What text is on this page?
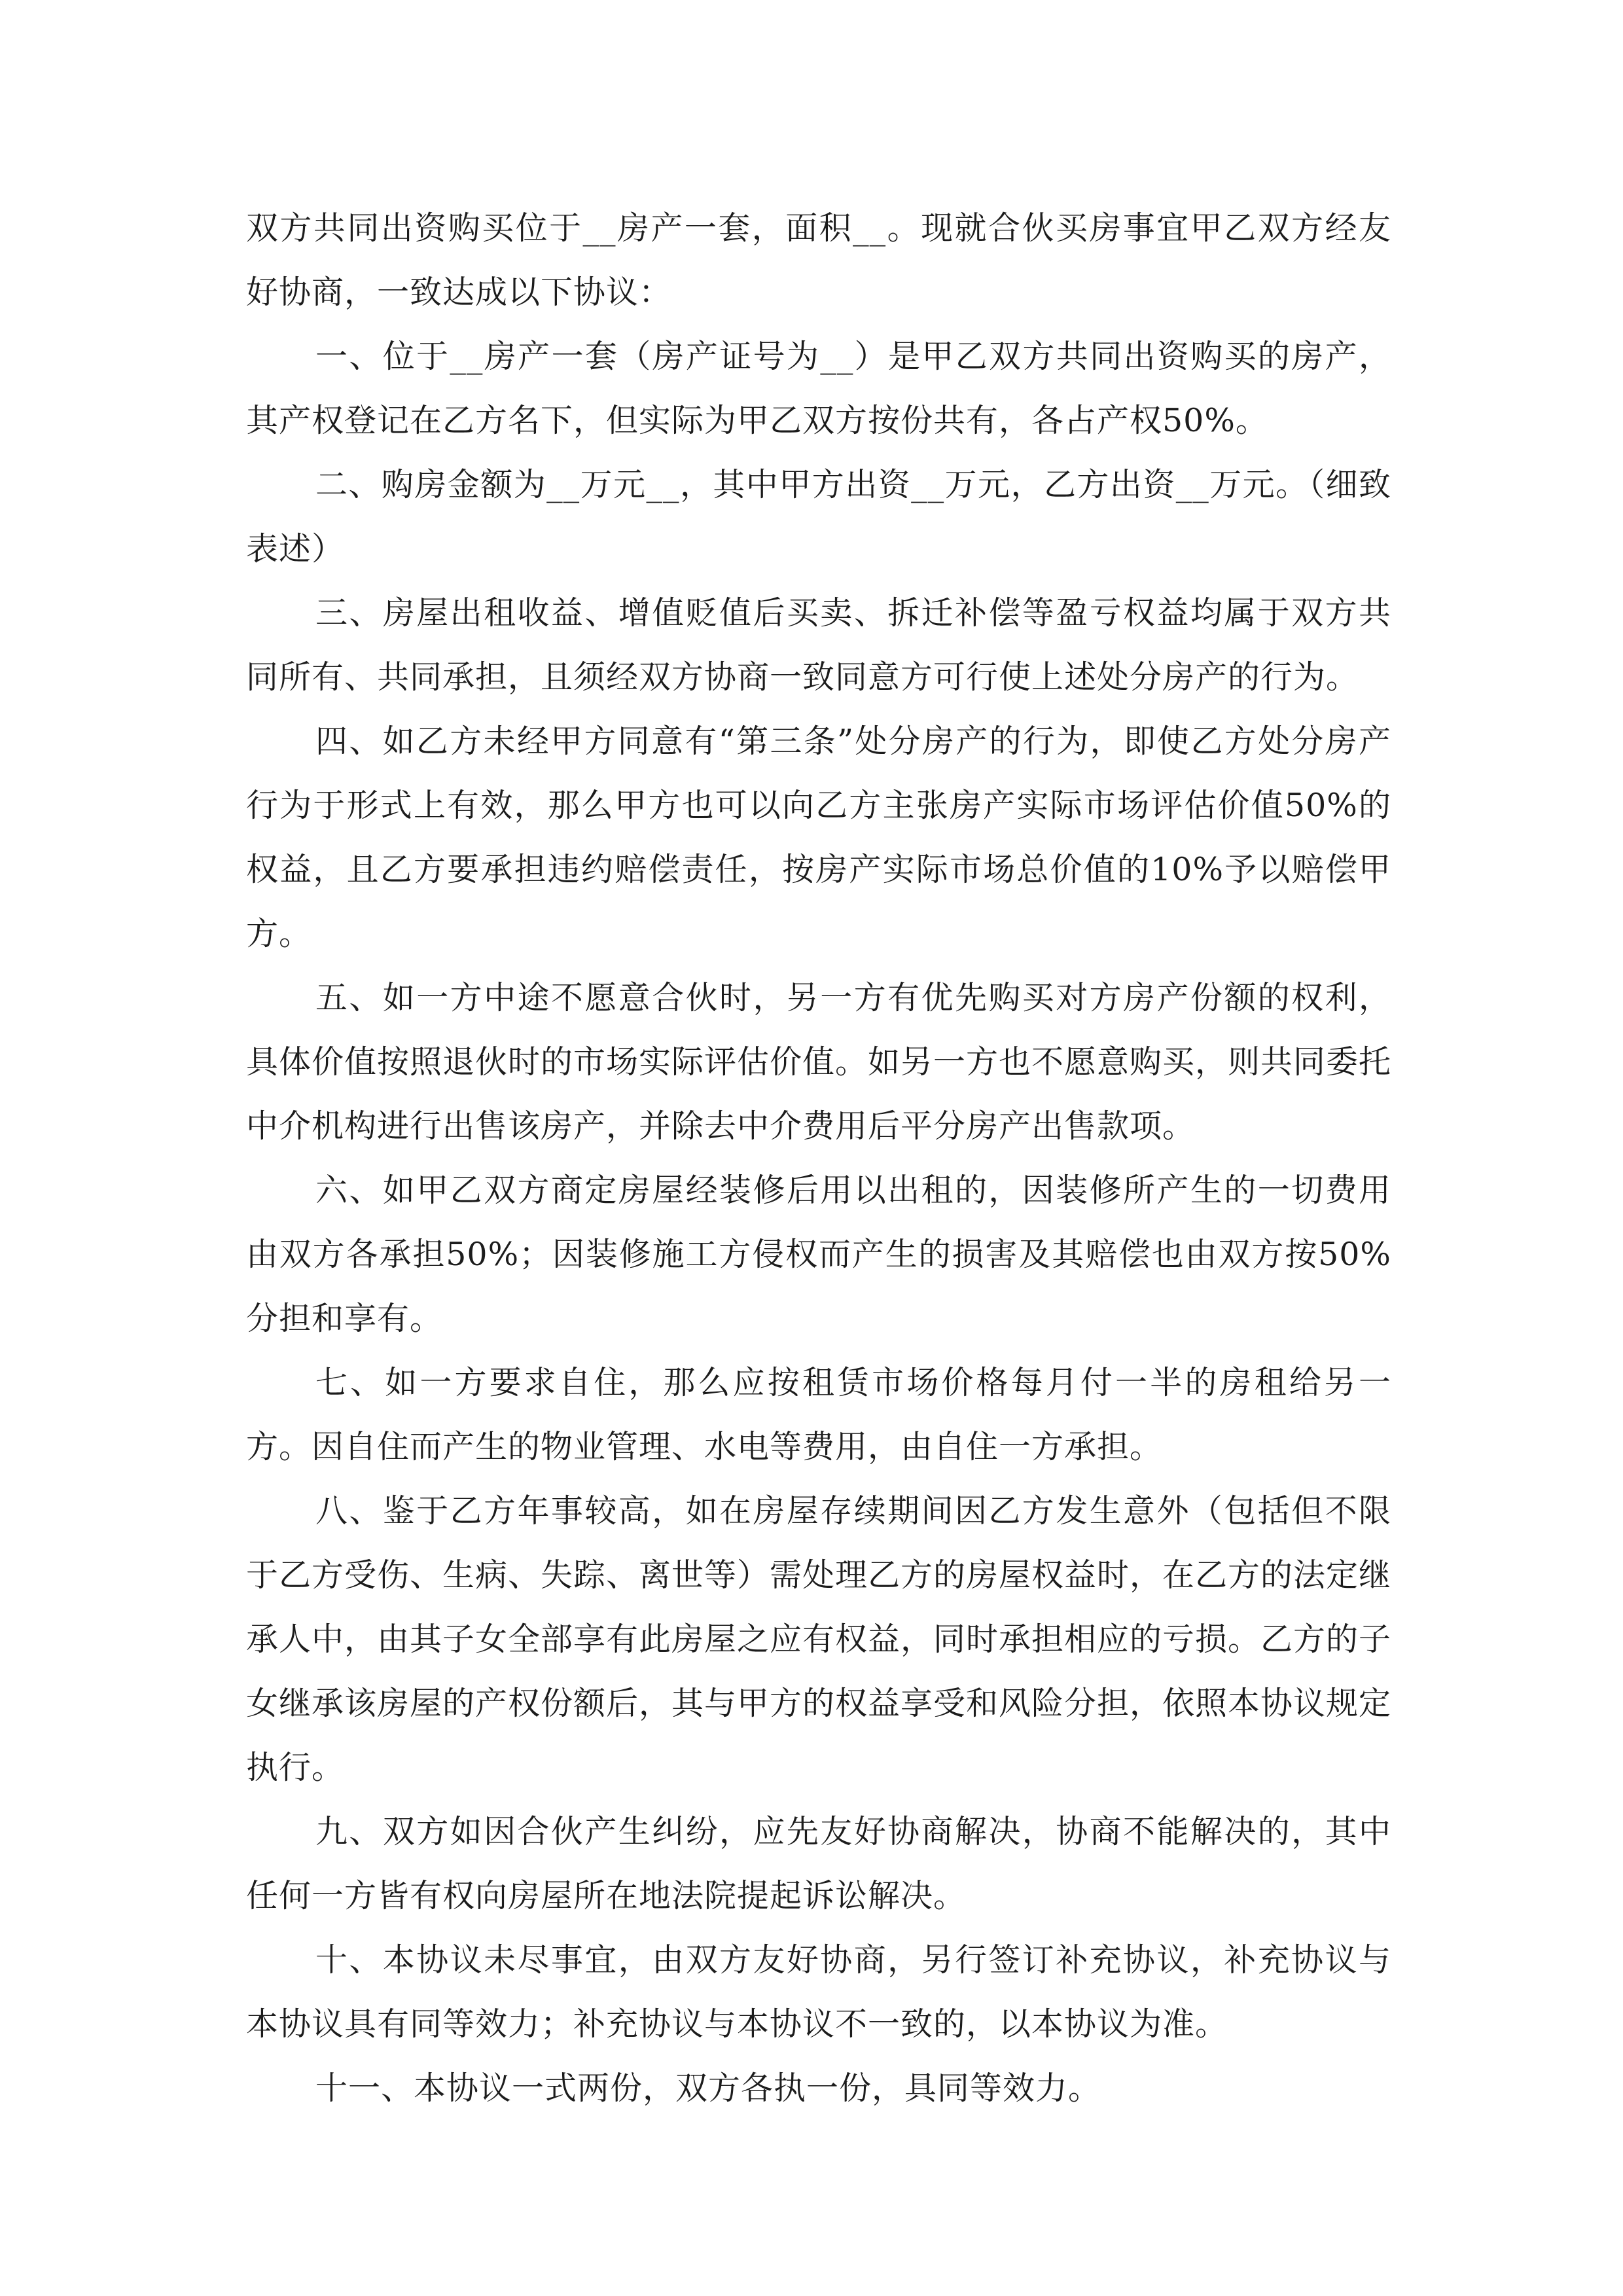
双方共同出资购买位于__房产一套，面积__。现就合伙买房事宜甲乙双方经友好协商，一致达成以下协议：

一、位于__房产一套（房产证号为__）是甲乙双方共同出资购买的房产，其产权登记在乙方名下，但实际为甲乙双方按份共有，各占产权50%。

二、购房金额为__万元__，其中甲方出资__万元，乙方出资__万元。（细致表述）

三、房屋出租收益、增值贬值后买卖、拆迁补偿等盈亏权益均属于双方共同所有、共同承担，且须经双方协商一致同意方可行使上述处分房产的行为。

四、如乙方未经甲方同意有“第三条”处分房产的行为，即使乙方处分房产行为于形式上有效，那么甲方也可以向乙方主张房产实际市场评估价值50%的权益，且乙方要承担违约赔偿责任，按房产实际市场总价值的10%予以赔偿甲方。

五、如一方中途不愿意合伙时，另一方有优先购买对方房产份额的权利，具体价值按照退伙时的市场实际评估价值。如另一方也不愿意购买，则共同委托中介机构进行出售该房产，并除去中介费用后平分房产出售款项。

六、如甲乙双方商定房屋经装修后用以出租的，因装修所产生的一切费用由双方各承担50%；因装修施工方侵权而产生的损害及其赔偿也由双方按50%分担和享有。

七、如一方要求自住，那么应按租赁市场价格每月付一半的房租给另一方。因自住而产生的物业管理、水电等费用，由自住一方承担。

八、鉴于乙方年事较高，如在房屋存续期间因乙方发生意外（包括但不限于乙方受伤、生病、失踪、离世等）需处理乙方的房屋权益时，在乙方的法定继承人中，由其子女全部享有此房屋之应有权益，同时承担相应的亏损。乙方的子女继承该房屋的产权份额后，其与甲方的权益享受和风险分担，依照本协议规定执行。

九、双方如因合伙产生纠纷，应先友好协商解决，协商不能解决的，其中任何一方皆有权向房屋所在地法院提起诉讼解决。

十、本协议未尽事宜，由双方友好协商，另行签订补充协议，补充协议与本协议具有同等效力；补充协议与本协议不一致的，以本协议为准。

十一、本协议一式两份，双方各执一份，具同等效力。
